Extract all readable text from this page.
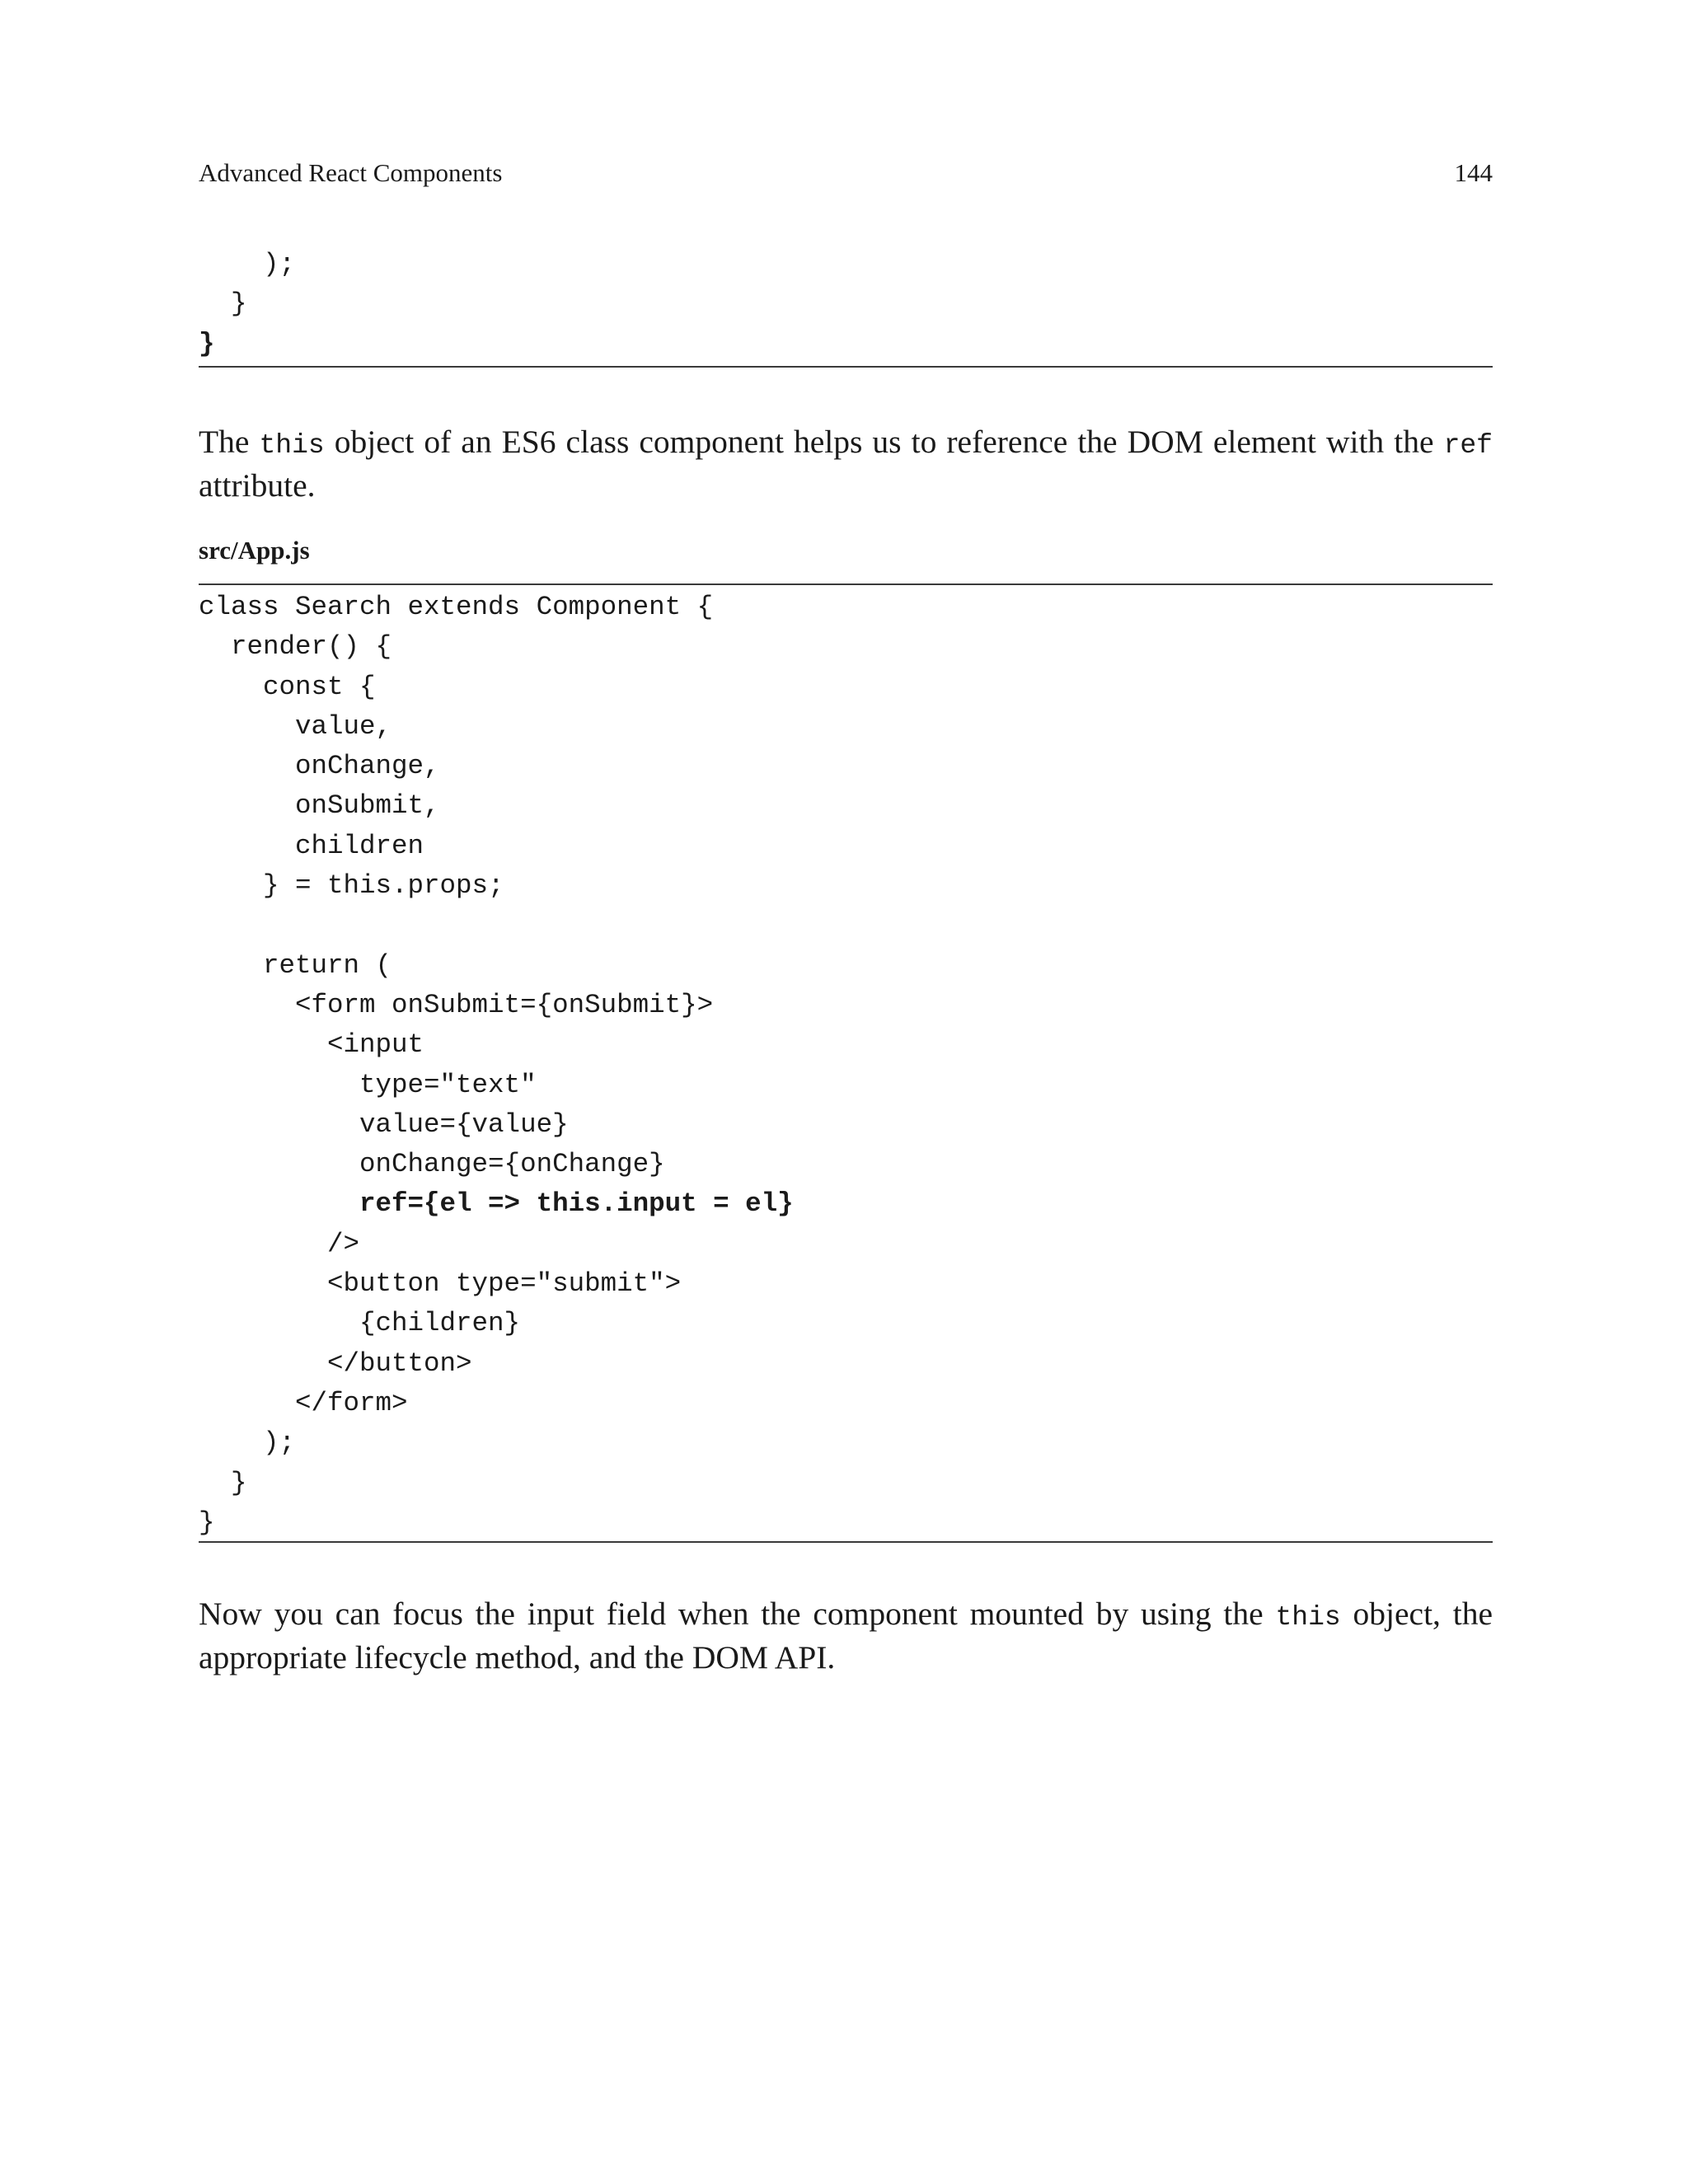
Advanced React Components	144
);
}
}

The this object of an ES6 class component helps us to reference the DOM element with the ref attribute.

src/App.js
class Search extends Component {
render() {
const {
value,
onChange,
onSubmit,
children
} = this.props;
return (
<form onSubmit={onSubmit}>
<input
type="text"
value={value}
onChange={onChange}
ref={el => this.input = el}
/>
<button type="submit">
{children}
</button>
</form>
);
}
}

Now you can focus the input field when the component mounted by using the this object, the appropriate lifecycle method, and the DOM API.
